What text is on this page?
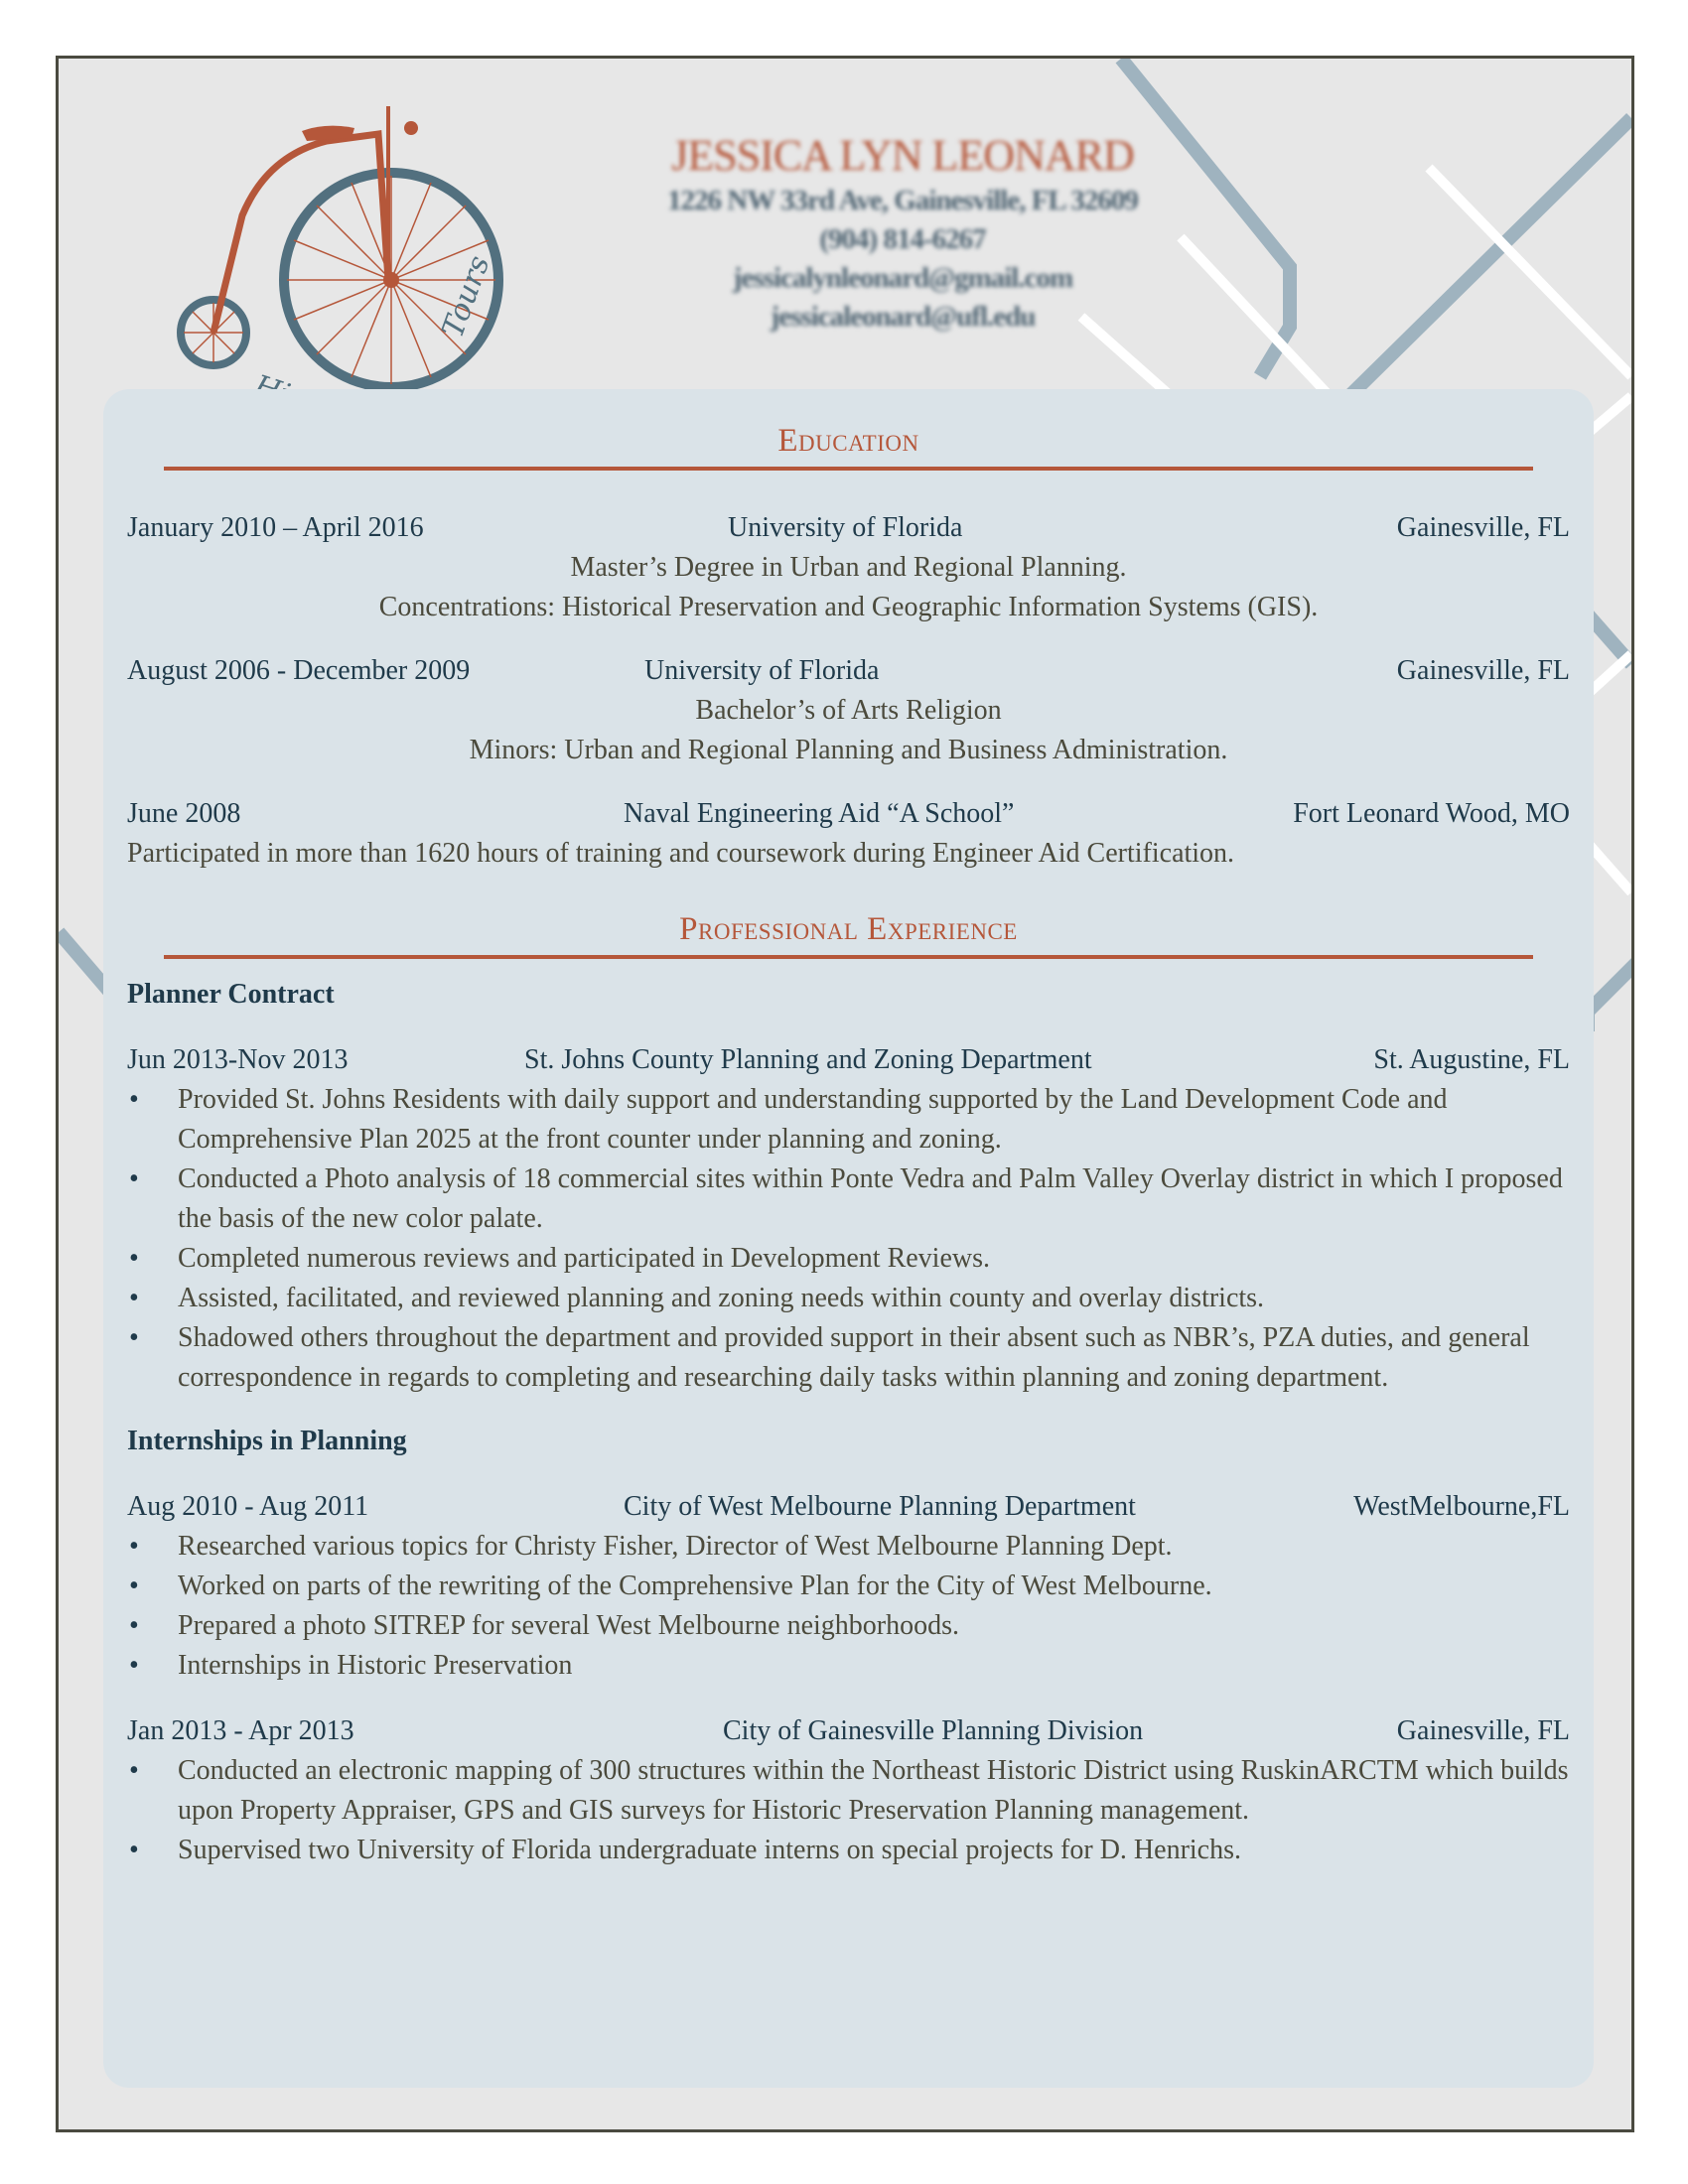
Tours
JESSICA LYN LEONARD
1226 NW 33rd Ave, Gainesville, FL 32609
(904) 814-6267
jessicalynleonard@gmail.com
jessicaleonard@ufl.edu
Education
January 2010 – April 2016	University of Florida	Gainesville, FL
Master’s Degree in Urban and Regional Planning.
Concentrations: Historical Preservation and Geographic Information Systems (GIS).
August 2006 - December 2009	University of Florida	Gainesville, FL
Bachelor’s of Arts Religion
Minors: Urban and Regional Planning and Business Administration.
June 2008	Naval Engineering Aid “A School”	Fort Leonard Wood, MO
Participated in more than 1620 hours of training and coursework during Engineer Aid Certification.
Professional Experience
Planner Contract
Jun 2013-Nov 2013	St. Johns County Planning and Zoning Department	St. Augustine, FL
• Provided St. Johns Residents with daily support and understanding supported by the Land Development Code and Comprehensive Plan 2025 at the front counter under planning and zoning.
• Conducted a Photo analysis of 18 commercial sites within Ponte Vedra and Palm Valley Overlay district in which I proposed the basis of the new color palate.
• Completed numerous reviews and participated in Development Reviews.
• Assisted, facilitated, and reviewed planning and zoning needs within county and overlay districts.
• Shadowed others throughout the department and provided support in their absent such as NBR’s, PZA duties, and general correspondence in regards to completing and researching daily tasks within planning and zoning department.
Internships in Planning
Aug 2010 - Aug 2011	City of West Melbourne Planning Department	WestMelbourne,FL
• Researched various topics for Christy Fisher, Director of West Melbourne Planning Dept.
• Worked on parts of the rewriting of the Comprehensive Plan for the City of West Melbourne.
• Prepared a photo SITREP for several West Melbourne neighborhoods.
• Internships in Historic Preservation
Jan 2013 - Apr 2013	City of Gainesville Planning Division	Gainesville, FL
• Conducted an electronic mapping of 300 structures within the Northeast Historic District using RuskinARCTM which builds upon Property Appraiser, GPS and GIS surveys for Historic Preservation Planning management.
• Supervised two University of Florida undergraduate interns on special projects for D. Henrichs.
